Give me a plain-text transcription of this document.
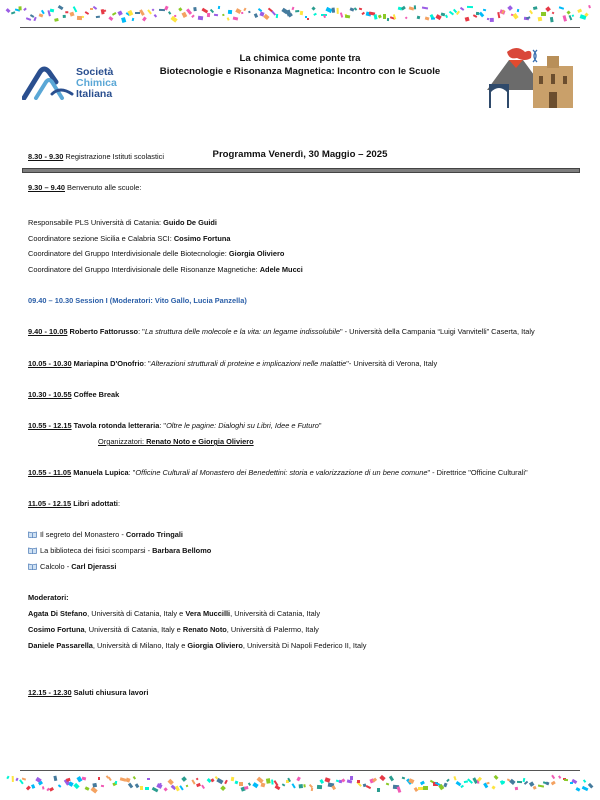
Società
Chimica
Italiana
La chimica come ponte tra
Biotecnologie e Risonanza Magnetica: Incontro con le Scuole
Programma Venerdì, 30 Maggio – 2025
8.30 - 9.30 Registrazione Istituti scolastici
9.30 – 9.40 Benvenuto alle scuole:
Responsabile PLS Università di Catania: Guido De Guidi
Coordinatore sezione Sicilia e Calabria SCI: Cosimo Fortuna
Coordinatore del Gruppo Interdivisionale delle Biotecnologie: Giorgia Oliviero
Coordinatore del Gruppo Interdivisionale delle Risonanze Magnetiche: Adele Mucci
09.40 – 10.30 Session I (Moderatori: Vito Gallo, Lucia Panzella)
9.40 - 10.05 Roberto Fattorusso: "La struttura delle molecole e la vita: un legame indissolubile" - Università della Campania “Luigi Vanvitelli” Caserta, Italy
10.05 - 10.30 Mariapina D'Onofrio: "Alterazioni strutturali di proteine e implicazioni nelle malattie"- Università di Verona, Italy
10.30 - 10.55 Coffee Break
10.55 - 12.15 Tavola rotonda letteraria: "Oltre le pagine: Dialoghi su Libri, Idee e Futuro"
Organizzatori: Renato Noto e Giorgia Oliviero
10.55 - 11.05 Manuela Lupica: "Officine Culturali al Monastero dei Benedettini: storia e valorizzazione di un bene comune" - Direttrice "Officine Culturali"
11.05 - 12.15 Libri adottati:
Il segreto del Monastero - Corrado Tringali
La biblioteca dei fisici scomparsi - Barbara Bellomo
Calcolo - Carl Djerassi
Moderatori:
Agata Di Stefano, Università di Catania, Italy e Vera Muccilli, Università di Catania, Italy
Cosimo Fortuna, Università di Catania, Italy e Renato Noto, Università di Palermo, Italy
Daniele Passarella, Università di Milano, Italy e Giorgia Oliviero, Università Di Napoli Federico II, Italy
12.15 - 12.30 Saluti chiusura lavori
